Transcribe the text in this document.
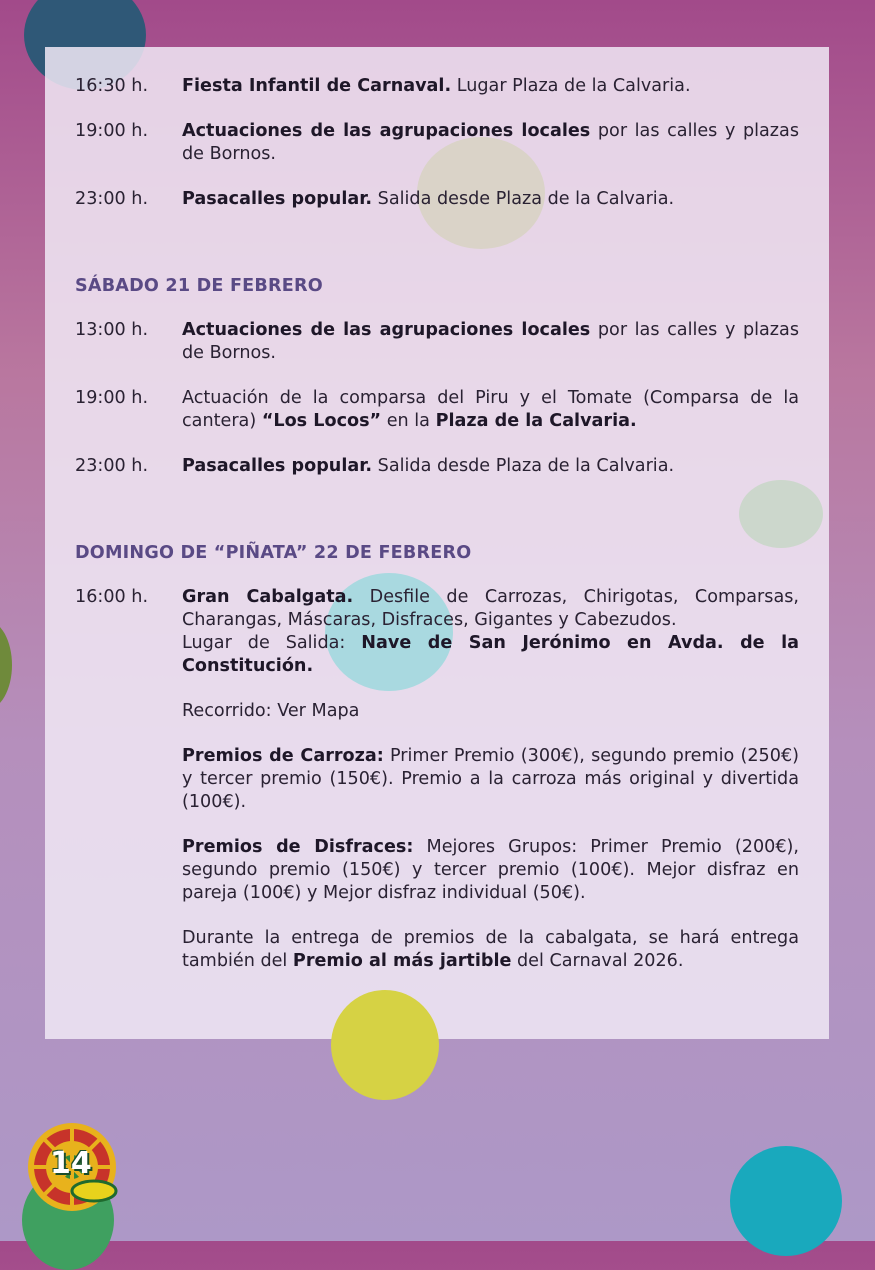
16:30 h.	Fiesta Infantil de Carnaval. Lugar Plaza de la Calvaria.
19:00 h.	Actuaciones de las agrupaciones locales por las calles y plazas de Bornos.
23:00 h.	Pasacalles popular. Salida desde Plaza de la Calvaria.
SÁBADO 21 DE FEBRERO
13:00 h.	Actuaciones de las agrupaciones locales por las calles y plazas de Bornos.
19:00 h.	Actuación de la comparsa del Piru y el Tomate (Comparsa de la cantera) “Los Locos” en la Plaza de la Calvaria.
23:00 h.	Pasacalles popular. Salida desde Plaza de la Calvaria.
DOMINGO DE “PIÑATA” 22 DE FEBRERO
16:00 h.	Gran Cabalgata. Desfile de Carrozas, Chirigotas, Comparsas, Charangas, Máscaras, Disfraces, Gigantes y Cabezudos.
Lugar de Salida: Nave de San Jerónimo en Avda. de la Constitución.

Recorrido: Ver Mapa

Premios de Carroza: Primer Premio (300€), segundo premio (250€) y tercer premio (150€). Premio a la carroza más original y divertida (100€).

Premios de Disfraces: Mejores Grupos: Primer Premio (200€), segundo premio (150€) y tercer premio (100€). Mejor disfraz en pareja (100€) y Mejor disfraz individual (50€).

Durante la entrega de premios de la cabalgata, se hará entrega también del Premio al más jartible del Carnaval 2026.

14
